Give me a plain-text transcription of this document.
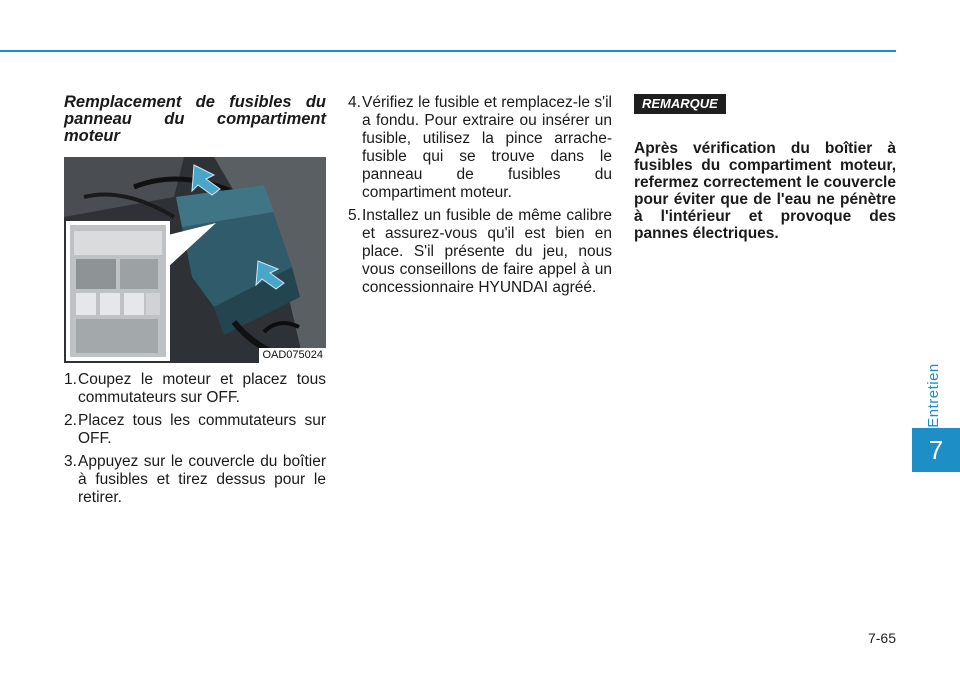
Entretien
7

Remplacement de fusibles du panneau du compartiment moteur

OAD075024
1. Coupez le moteur et placez tous commutateurs sur OFF.
2. Placez tous les commutateurs sur OFF.
3. Appuyez sur le couvercle du boîtier à fusibles et tirez dessus pour le retirer.
4. Vérifiez le fusible et remplacez-le s'il a fondu. Pour extraire ou insérer un fusible, utilisez la pince arrache-fusible qui se trouve dans le panneau de fusibles du compartiment moteur.
5. Installez un fusible de même calibre et assurez-vous qu'il est bien en place. S'il présente du jeu, nous vous conseillons de faire appel à un concessionnaire HYUNDAI agréé.
REMARQUE

Après vérification du boîtier à fusibles du compartiment moteur, refermez correctement le couvercle pour éviter que de l'eau ne pénètre à l'intérieur et provoque des pannes électriques.

7-65
